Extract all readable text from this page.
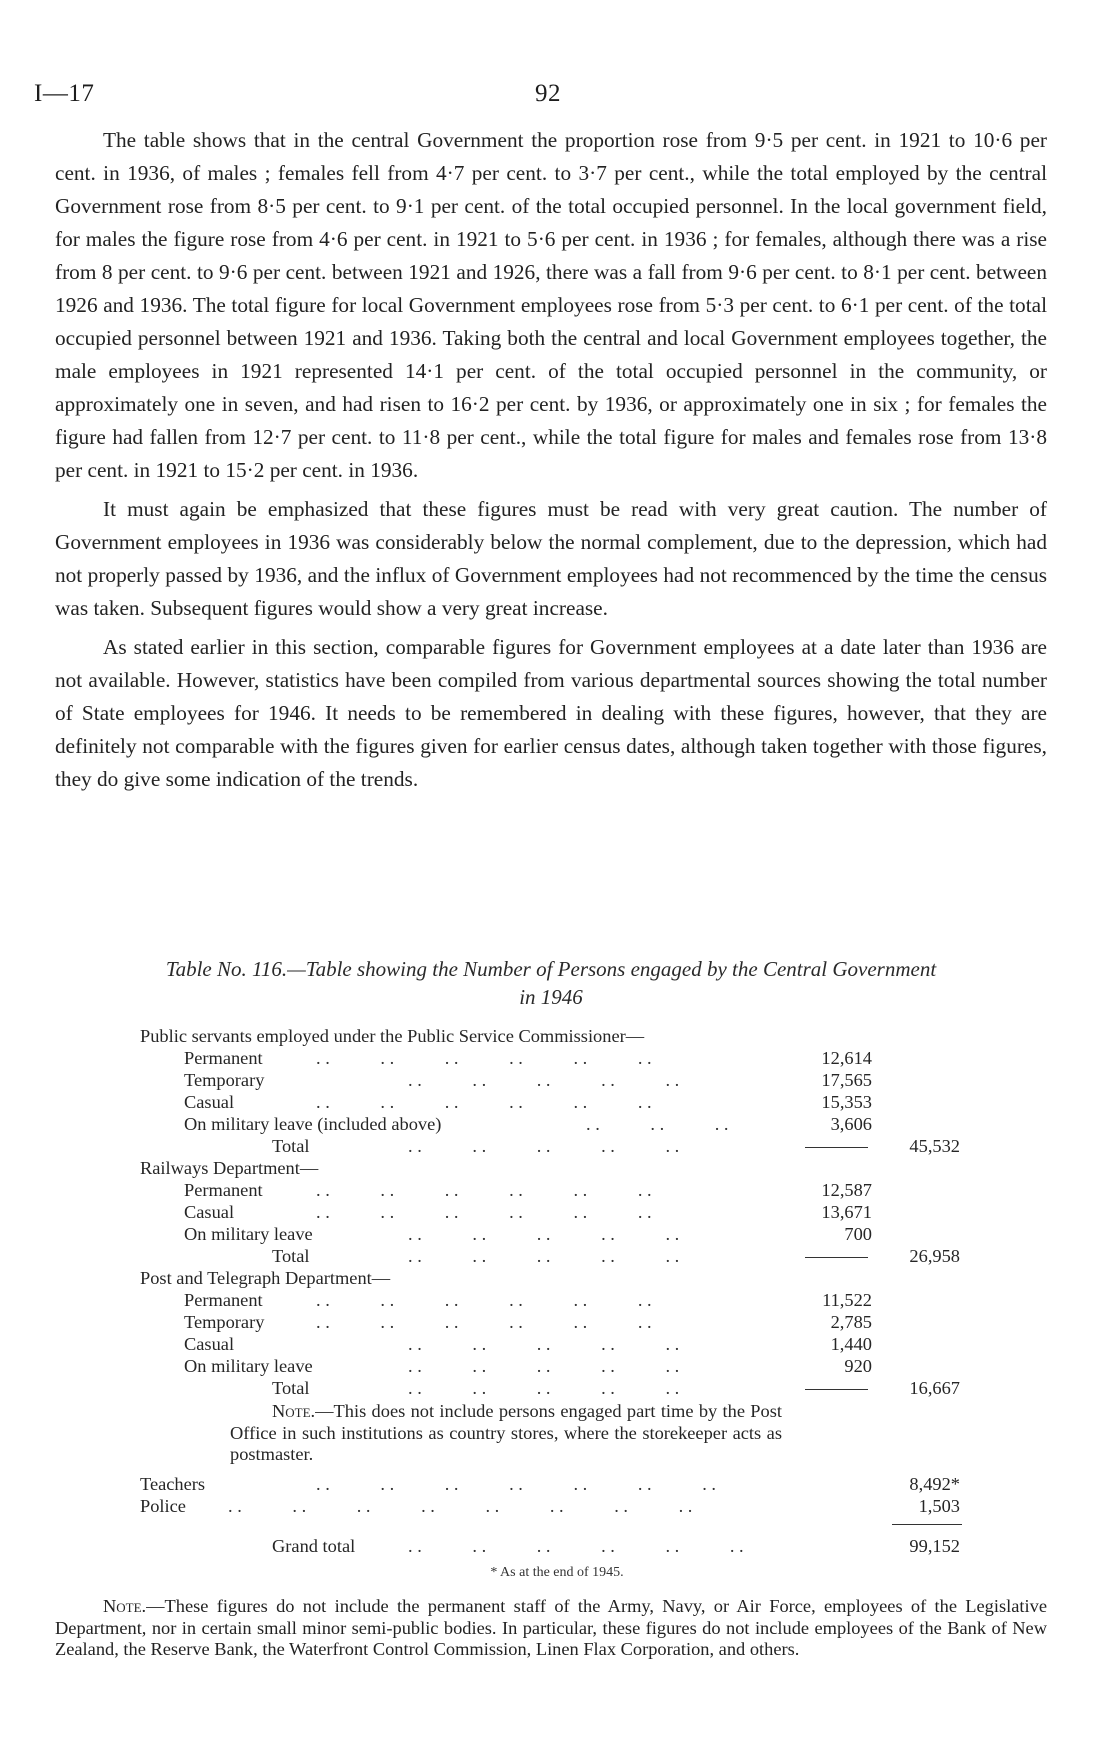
I—17	92

The table shows that in the central Government the proportion rose from 9·5 per cent. in 1921 to 10·6 per cent. in 1936, of males ; females fell from 4·7 per cent. to 3·7 per cent., while the total employed by the central Government rose from 8·5 per cent. to 9·1 per cent. of the total occupied personnel. In the local government field, for males the figure rose from 4·6 per cent. in 1921 to 5·6 per cent. in 1936 ; for females, although there was a rise from 8 per cent. to 9·6 per cent. between 1921 and 1926, there was a fall from 9·6 per cent. to 8·1 per cent. between 1926 and 1936. The total figure for local Government employees rose from 5·3 per cent. to 6·1 per cent. of the total occupied personnel between 1921 and 1936. Taking both the central and local Government employees together, the male employees in 1921 represented 14·1 per cent. of the total occupied personnel in the community, or approximately one in seven, and had risen to 16·2 per cent. by 1936, or approximately one in six ; for females the figure had fallen from 12·7 per cent. to 11·8 per cent., while the total figure for males and females rose from 13·8 per cent. in 1921 to 15·2 per cent. in 1936.

It must again be emphasized that these figures must be read with very great caution. The number of Government employees in 1936 was considerably below the normal complement, due to the depression, which had not properly passed by 1936, and the influx of Government employees had not recommenced by the time the census was taken. Subsequent figures would show a very great increase.

As stated earlier in this section, comparable figures for Government employees at a date later than 1936 are not available. However, statistics have been compiled from various departmental sources showing the total number of State employees for 1946. It needs to be remembered in dealing with these figures, however, that they are definitely not comparable with the figures given for earlier census dates, although taken together with those figures, they do give some indication of the trends.

Table No. 116.—Table showing the Number of Persons engaged by the Central Government
in 1946
Public servants employed under the Public Service Commissioner—
Permanent	. .           . .           . .           . .           . .           . .	12,614
Temporary	. .           . .           . .           . .           . .	17,565
Casual	. .           . .           . .           . .           . .           . .	15,353
On military leave (included above)	. .           . .           . .	3,606
Total	. .           . .           . .           . .           . .	45,532
Railways Department—
Permanent	. .           . .           . .           . .           . .           . .	12,587
Casual	. .           . .           . .           . .           . .           . .	13,671
On military leave	. .           . .           . .           . .           . .	700
Total	. .           . .           . .           . .           . .	26,958
Post and Telegraph Department—
Permanent	. .           . .           . .           . .           . .           . .	11,522
Temporary	. .           . .           . .           . .           . .           . .	2,785
Casual	. .           . .           . .           . .           . .	1,440
On military leave	. .           . .           . .           . .           . .	920
Total	. .           . .           . .           . .           . .	16,667
Teachers	. .           . .           . .           . .           . .           . .           . .	8,492*
Police . .           . .           . .           . .           . .           . .           . .           . .	1,503
Grand total	. .           . .           . .           . .           . .           . .	99,152
Note.—This does not include persons engaged part time by the Post Office in such institutions as country stores, where the storekeeper acts as postmaster.
* As at the end of 1945.
Note.—These figures do not include the permanent staff of the Army, Navy, or Air Force, employees of the Legislative Department, nor in certain small minor semi-public bodies. In particular, these figures do not include employees of the Bank of New Zealand, the Reserve Bank, the Waterfront Control Commission, Linen Flax Corporation, and others.
